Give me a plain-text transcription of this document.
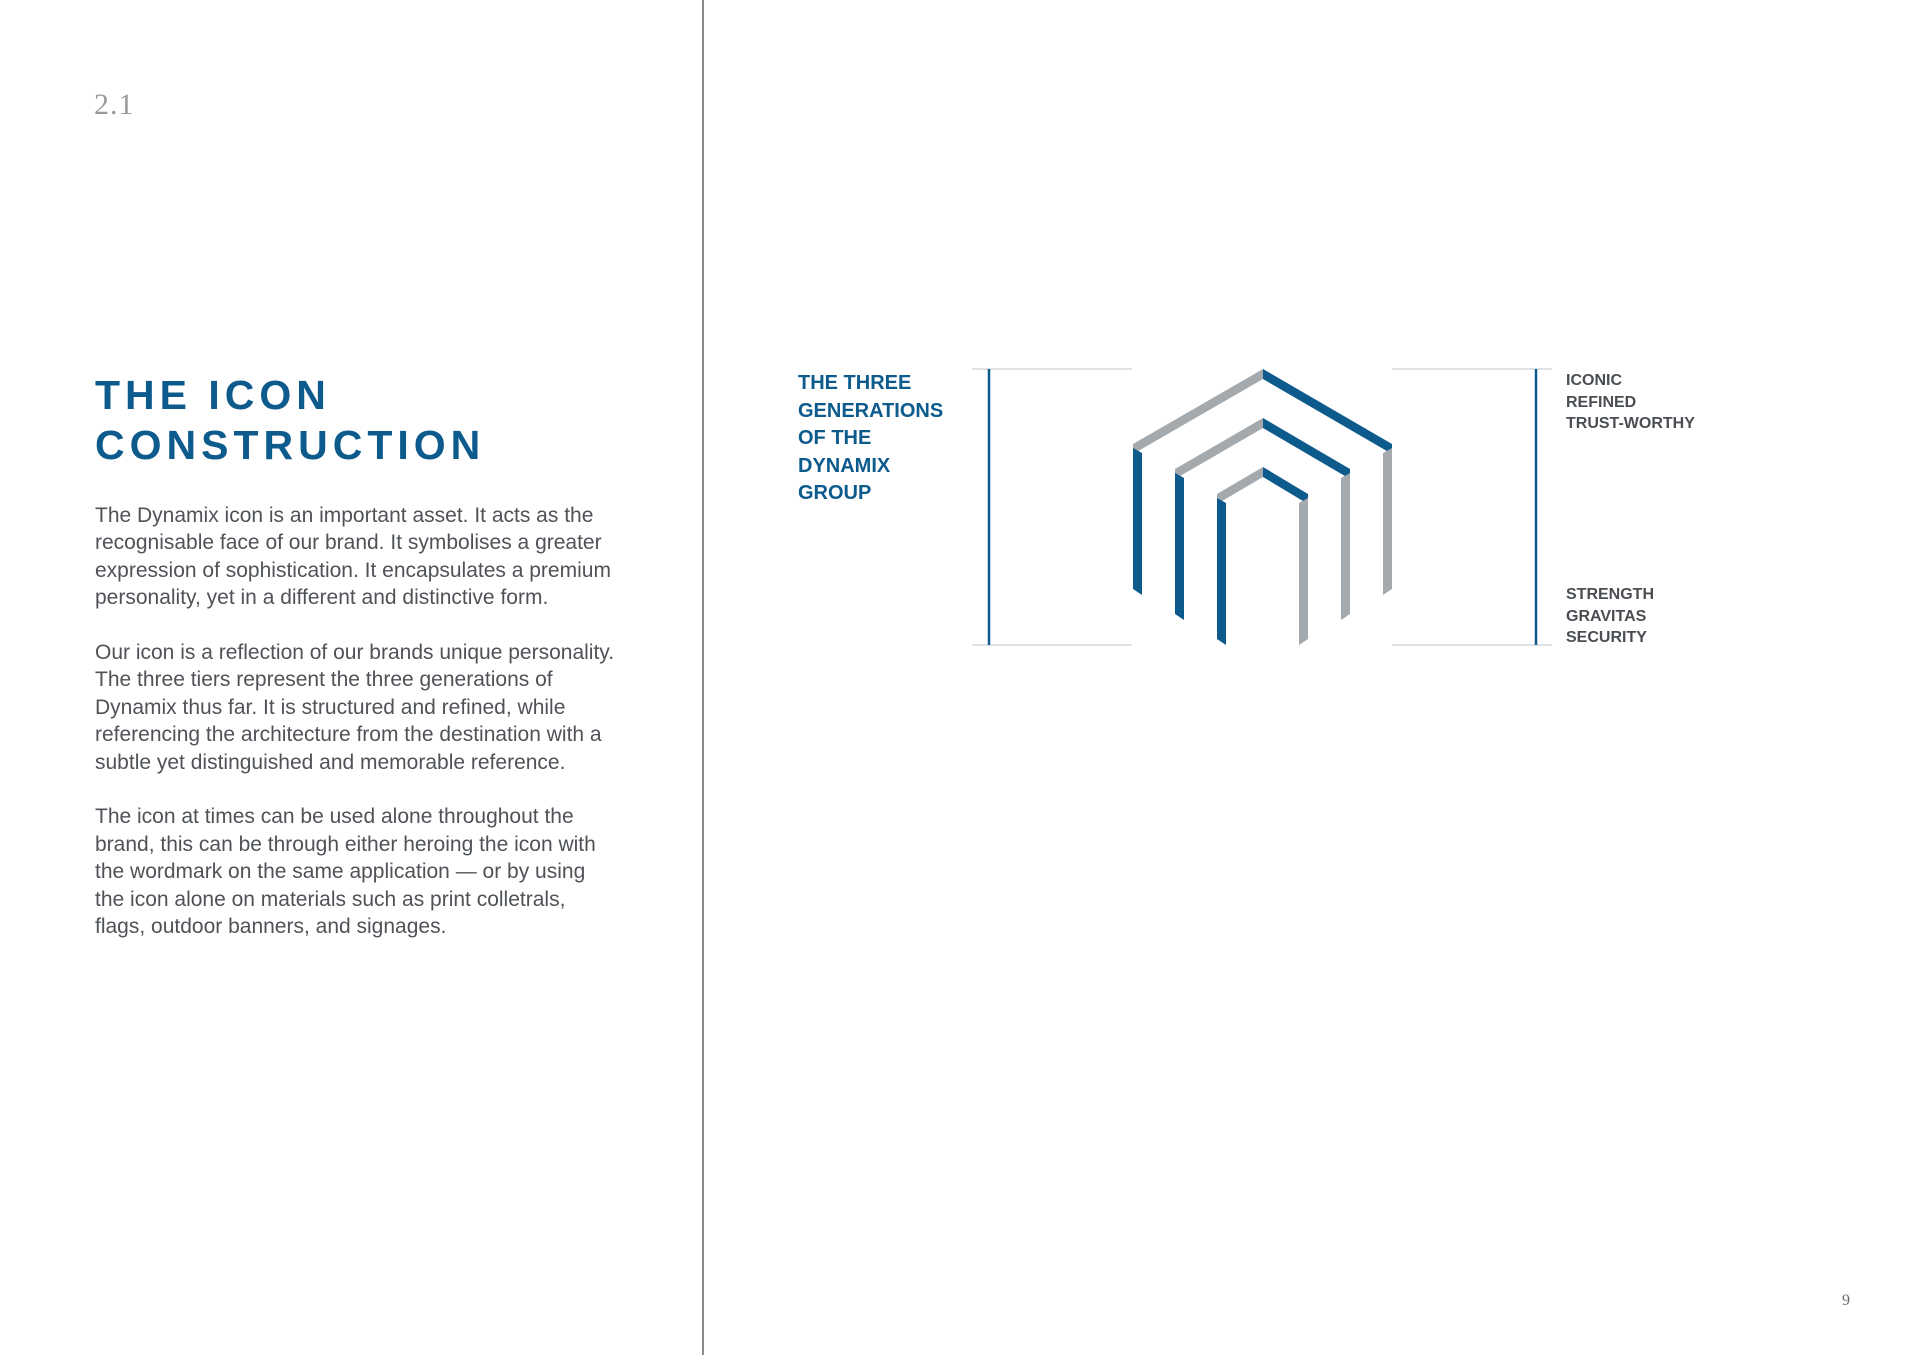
2.1
THE ICON
CONSTRUCTION

The Dynamix icon is an important asset. It acts as the recognisable face of our brand. It symbolises a greater expression of sophistication. It encapsulates a premium personality, yet in a different and distinctive form.

Our icon is a reflection of our brands unique personality. The three tiers represent the three generations of Dynamix thus far. It is structured and refined, while referencing the architecture from the destination with a subtle yet distinguished and memorable reference.

The icon at times can be used alone throughout the brand, this can be through either heroing the icon with the wordmark on the same application — or by using the icon alone on materials such as print colletrals, flags, outdoor banners, and signages.

THE THREE
GENERATIONS
OF THE
DYNAMIX
GROUP
ICONIC
REFINED
TRUST-WORTHY
STRENGTH
GRAVITAS
SECURITY
9
